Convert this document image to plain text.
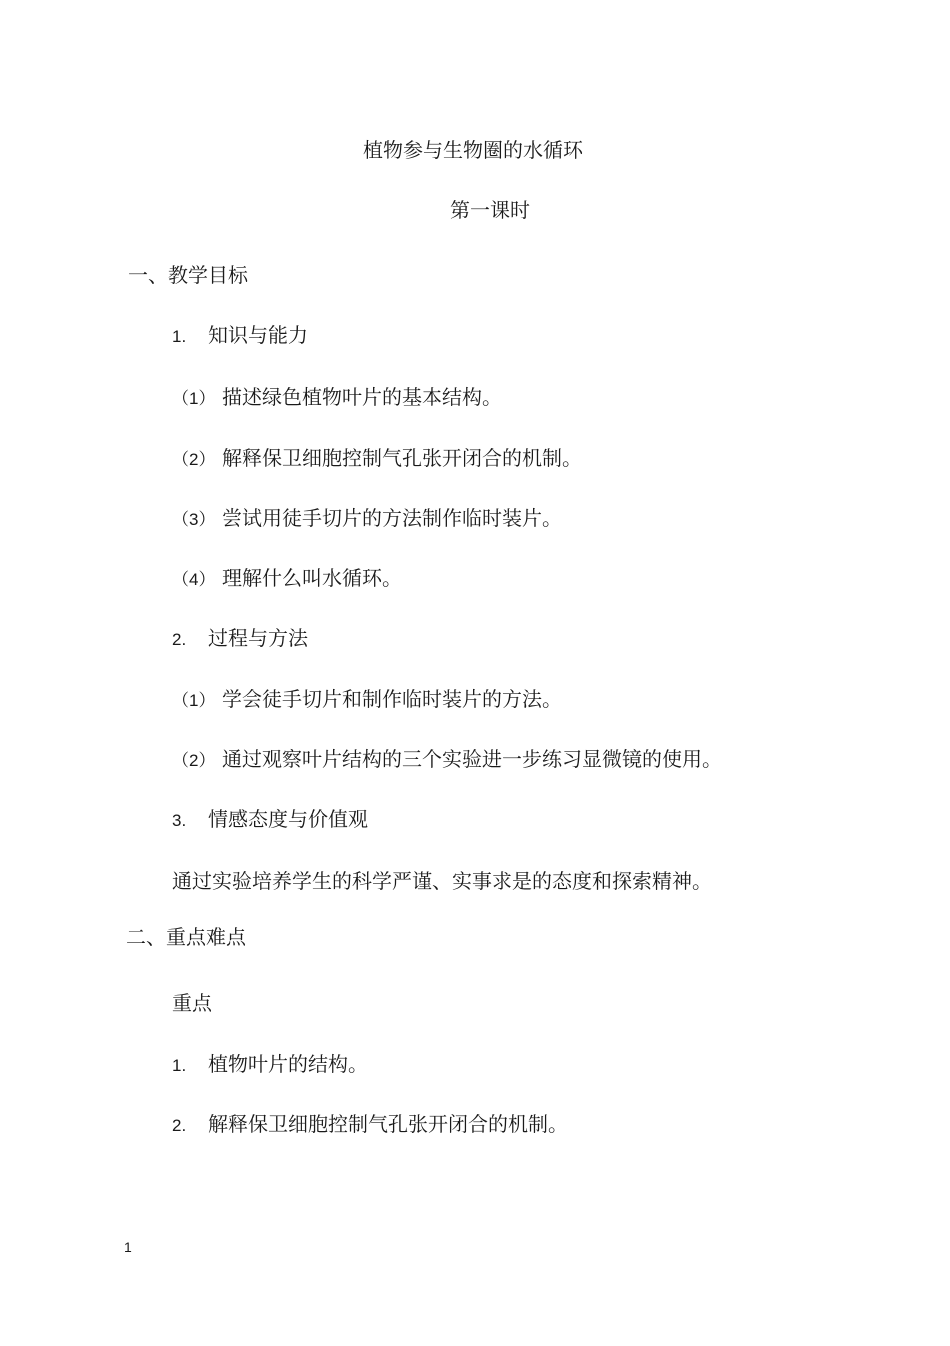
植物参与生物圈的水循环
第一课时
一、教学目标
1. 知识与能力
（1） 描述绿色植物叶片的基本结构。
（2） 解释保卫细胞控制气孔张开闭合的机制。
（3） 尝试用徒手切片的方法制作临时装片。
（4） 理解什么叫水循环。
2. 过程与方法
（1） 学会徒手切片和制作临时装片的方法。
（2） 通过观察叶片结构的三个实验进一步练习显微镜的使用。
3. 情感态度与价值观
通过实验培养学生的科学严谨、实事求是的态度和探索精神。
二、重点难点
重点
1. 植物叶片的结构。
2. 解释保卫细胞控制气孔张开闭合的机制。
1
